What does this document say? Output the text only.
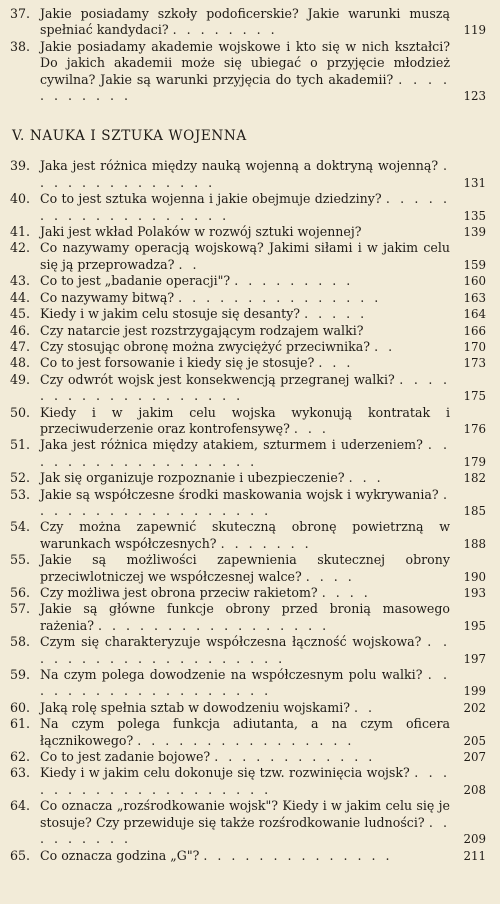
37. Jakie posiadamy szkoły podoficerskie? Jakie warunki muszą spełniać kandydaci? . . . . . . . .	119
38. Jakie posiadamy akademie wojskowe i kto się w nich kształci? Do jakich akademii może się ubiegać o przyjęcie młodzież cywilna? Jakie są warunki przyjęcia do tych akademii? . . . . . . . . . . .	123
V. NAUKA I SZTUKA WOJENNA
39. Jaka jest różnica między nauką wojenną a doktryną wojenną? . . . . . . . . . . . . . .	131
40. Co to jest sztuka wojenna i jakie obejmuje dziedziny? . . . . . . . . . . . . . . . . . . .	135
41. Jaki jest wkład Polaków w rozwój sztuki wojennej?	139
42. Co nazywamy operacją wojskową? Jakimi siłami i w jakim celu się ją przeprowadza? . .	159
43. Co to jest „badanie operacji"? . . . . . . . . .	160
44. Co nazywamy bitwą? . . . . . . . . . . . . . . .	163
45. Kiedy i w jakim celu stosuje się desanty? . . . . .	164
46. Czy natarcie jest rozstrzygającym rodzajem walki?	166
47. Czy stosując obronę można zwyciężyć przeciwnika? . .	170
48. Co to jest forsowanie i kiedy się je stosuje? . . .	173
49. Czy odwrót wojsk jest konsekwencją przegranej walki? . . . . . . . . . . . . . . . . . . .	175
50. Kiedy i w jakim celu wojska wykonują kontratak i przeciwuderzenie oraz kontrofensywę? . . .	176
51. Jaka jest różnica między atakiem, szturmem i uderzeniem? . . . . . . . . . . . . . . . . . .	179
52. Jak się organizuje rozpoznanie i ubezpieczenie? . . .	182
53. Jakie są współczesne środki maskowania wojsk i wykrywania? . . . . . . . . . . . . . . . . . .	185
54. Czy można zapewnić skuteczną obronę powietrzną w warunkach współczesnych? . . . . . . .	188
55. Jakie są możliwości zapewnienia skutecznej obrony przeciwlotniczej we współczesnej walce? . . . .	190
56. Czy możliwa jest obrona przeciw rakietom? . . . .	193
57. Jakie są główne funkcje obrony przed bronią masowego rażenia? . . . . . . . . . . . . . . . . .	195
58. Czym się charakteryzuje współczesna łączność wojskowa? . . . . . . . . . . . . . . . . . . . .	197
59. Na czym polega dowodzenie na współczesnym polu walki? . . . . . . . . . . . . . . . . . . .	199
60. Jaką rolę spełnia sztab w dowodzeniu wojskami? . .	202
61. Na czym polega funkcja adiutanta, a na czym oficera łącznikowego? . . . . . . . . . . . . . . . .	205
62. Co to jest zadanie bojowe? . . . . . . . . . . . .	207
63. Kiedy i w jakim celu dokonuje się tzw. rozwinięcia wojsk? . . . . . . . . . . . . . . . . . . . .	208
64. Co oznacza „rozśrodkowanie wojsk"? Kiedy i w jakim celu się je stosuje? Czy przewiduje się także rozśrodkowanie ludności? . . . . . . . . .	209
65. Co oznacza godzina „G"? . . . . . . . . . . . . . .	211
